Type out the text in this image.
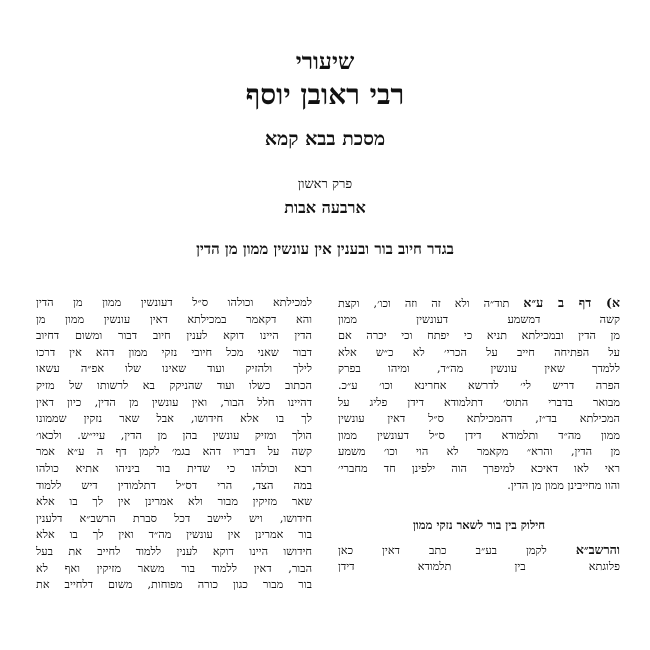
שיעורי
רבי ראובן יוסף
מסכת בבא קמא
פרק ראשון
ארבעה אבות
בגדר חיוב בור ובענין אין עונשין ממון מן הדין
א) דף ב ע״א תוד״ה ולא זה וזה וכו׳, וקצת
קשה דמשמע דעונשין ממון
מן הדין ובמכילתא תניא כי יפתח וכי יכרה אם
על הפתיחה חייב על הכרי׳ לא כ״ש אלא
ללמדך שאין עונשין מה״ד, ומיהו בפרק
הפרה דריש לי׳ לדרשא אחרינא וכו׳ ע״כ.
מבואר בדברי התוס׳ דתלמודא דידן פליג על
המכילתא בד״ז, דהמכילתא ס״ל דאין עונשין
ממון מה״ד ותלמודא דידן ס״ל דעונשין ממון
מן הדין, והרא״ מקאמר לא הוי וכו׳ משמע
ראי לאו דאיכא למיפרך הוה ילפינן חד מחברי׳
והוו מחייבינן ממון מן הדין.
חילוק בין בור לשאר נזקי ממון
והרשב״א לקמן בע״ב כתב דאין כאן
פלוגתא בין תלמודא דידן
למכילתא וכולהו ס״ל דעונשין ממון מן הדין
והא דקאמר במכילתא דאין עונשין ממון מן
הדין היינו דוקא לענין חיוב דבור ומשום דחיוב
דבור שאני מכל חיובי נזקי ממון דהא אין דרכו
לילך ולהזיק ועוד שאינו שלו אפ״ה עשאו
הכתוב כשלו ועוד שהניקק בא לרשותו של מזיק
דהיינו חלל הבור, ואין עונשין מן הדין, כיון דאין
לך בו אלא חידושו, אבל שאר נזקין שממונו
הולך ומזיק עונשין בהן מן הדין, עיי״ש. ולכאו׳
קשה על דבריו דהא בגמ׳ לקמן דף ה ע״א אמר
רבא וכולהו כי שדית בור ביניהו אתיא כולהו
במה הצד, הרי דס״ל דתלמודין דיש ללמוד
שאר מזיקין מבור ולא אמרינן אין לך בו אלא
חידושו, ויש ליישב דכל סברת הרשב״א דלענין
בור אמרינן אין עונשין מה״ד ואין לך בו אלא
חידושו היינו דוקא לענין ללמוד לחייב את בעל
הבור, דאין ללמוד בור משאר מזיקין ואף לא
בור מבור כגון כורה מפוחות, משום דלחייב את
